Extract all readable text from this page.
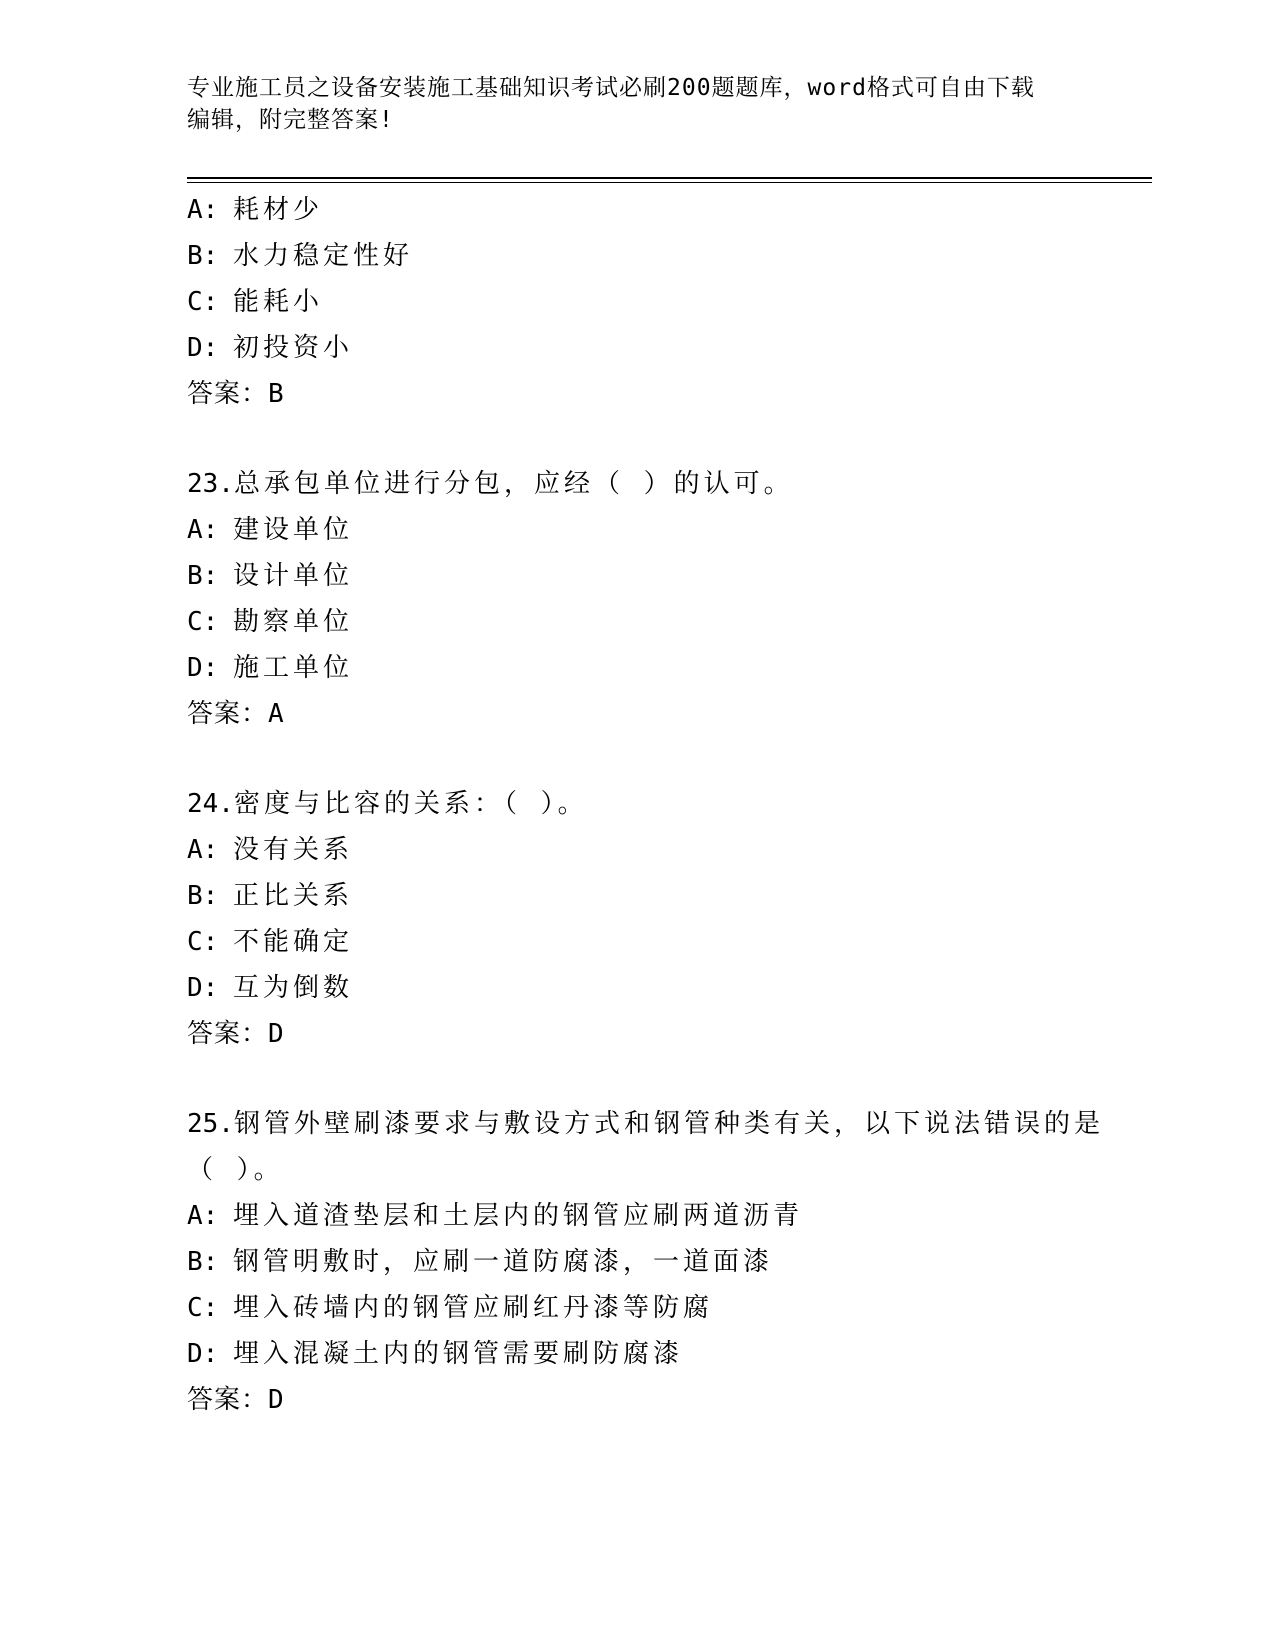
专业施工员之设备安装施工基础知识考试必刷200题题库，word格式可自由下载
编辑，附完整答案!
A: 耗材少
B: 水力稳定性好
C: 能耗小
D: 初投资小
答案：B
23.总承包单位进行分包，应经（ ）的认可。
A: 建设单位
B: 设计单位
C: 勘察单位
D: 施工单位
答案：A
24.密度与比容的关系：（ ）。
A: 没有关系
B: 正比关系
C: 不能确定
D: 互为倒数
答案：D
25.钢管外壁刷漆要求与敷设方式和钢管种类有关，以下说法错误的是
（ ）。
A: 埋入道渣垫层和土层内的钢管应刷两道沥青
B: 钢管明敷时，应刷一道防腐漆，一道面漆
C: 埋入砖墙内的钢管应刷红丹漆等防腐
D: 埋入混凝土内的钢管需要刷防腐漆
答案：D
